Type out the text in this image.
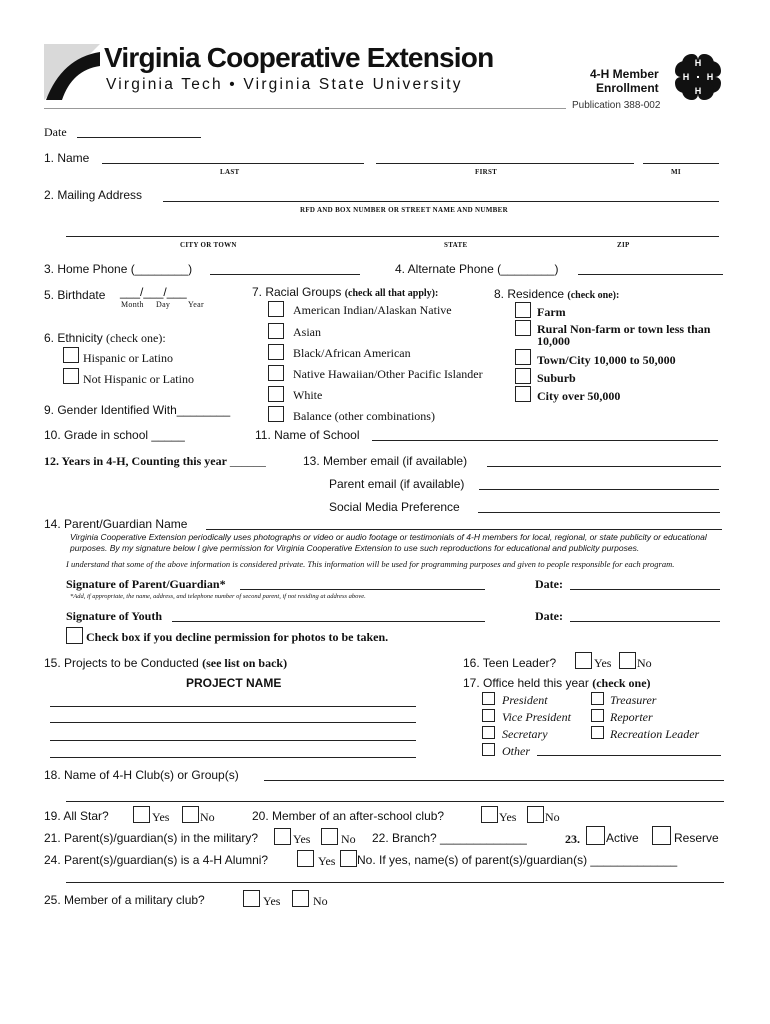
Virginia Cooperative Extension
Virginia Tech • Virginia State University
4-H Member
Enrollment
Publication 388-002
H
H
H
H
Date
1. Name
LAST	FIRST	MI
2. Mailing Address
RFD AND BOX NUMBER OR STREET NAME AND NUMBER
CITY OR TOWN	STATE	ZIP
3. Home Phone (________)	4. Alternate Phone (________)
5. Birthdate ___/___/___
Month Day Year
6. Ethnicity (check one):
Hispanic or Latino
Not Hispanic or Latino
7. Racial Groups (check all that apply):
American Indian/Alaskan Native
Asian
Black/African American
Native Hawaiian/Other Pacific Islander
White
Balance (other combinations)
8. Residence (check one):
Farm
Rural Non-farm or town less than
10,000
Town/City 10,000 to 50,000
Suburb
City over 50,000
9. Gender Identified With________
10. Grade in school _____	11. Name of School
12. Years in 4-H, Counting this year ______	13. Member email (if available)
Parent email (if available)
Social Media Preference
14. Parent/Guardian Name
Virginia Cooperative Extension periodically uses photographs or video or audio footage or testimonials of 4-H members for local, regional, or state publicity or educational purposes. By my signature below I give permission for Virginia Cooperative Extension to use such reproductions for educational and publicity purposes.
I understand that some of the above information is considered private. This information will be used for programming purposes and given to people responsible for each program.
Signature of Parent/Guardian*	Date:
*Add, if appropriate, the name, address, and telephone number of second parent, if not residing at address above.
Signature of Youth	Date:
Check box if you decline permission for photos to be taken.
15. Projects to be Conducted (see list on back)
PROJECT NAME
16. Teen Leader?	Yes No
17. Office held this year (check one)
President
Vice President
Secretary
Other
Treasurer
Reporter
Recreation Leader
18. Name of 4-H Club(s) or Group(s)
19. All Star?	Yes	No	20. Member of an after-school club?	Yes No
21. Parent(s)/guardian(s) in the military?	Yes	No 22. Branch? _____________	23. Active	Reserve
24. Parent(s)/guardian(s) is a 4-H Alumni?	Yes No. If yes, name(s) of parent(s)/guardian(s) _____________
25. Member of a military club?	Yes	No
